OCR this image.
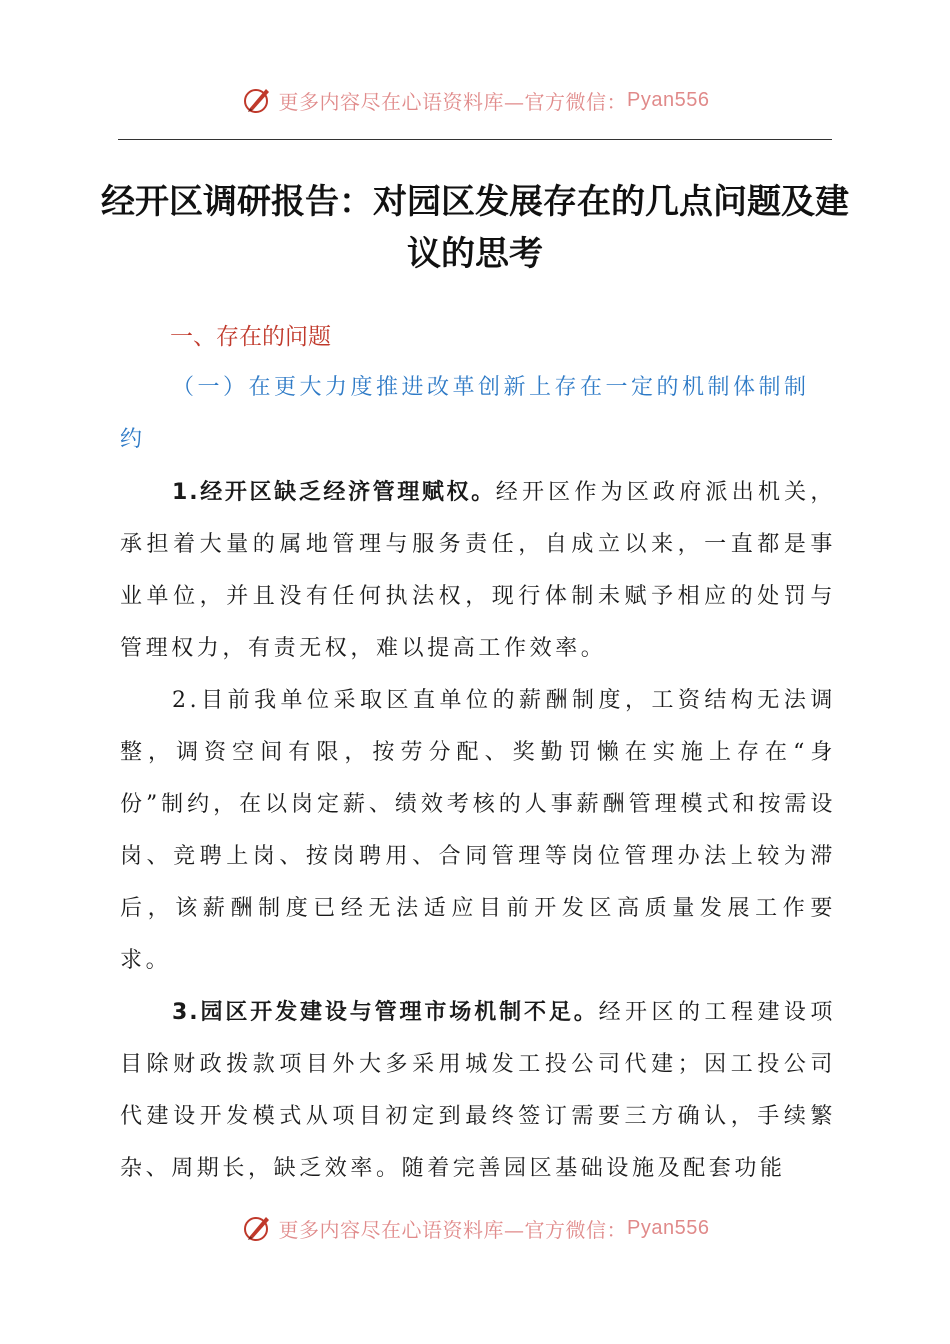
更多内容尽在心语资料库—官方微信： Pyan556
经开区调研报告：对园区发展存在的几点问题及建议的思考
一、存在的问题
（一）在更大力度推进改革创新上存在一定的机制体制制约

1.经开区缺乏经济管理赋权。经开区作为区政府派出机关，承担着大量的属地管理与服务责任，自成立以来，一直都是事业单位，并且没有任何执法权，现行体制未赋予相应的处罚与管理权力，有责无权，难以提高工作效率。

2.目前我单位采取区直单位的薪酬制度，工资结构无法调整，调资空间有限，按劳分配、奖勤罚懒在实施上存在“身份”制约，在以岗定薪、绩效考核的人事薪酬管理模式和按需设岗、竞聘上岗、按岗聘用、合同管理等岗位管理办法上较为滞后，该薪酬制度已经无法适应目前开发区高质量发展工作要求。

3.园区开发建设与管理市场机制不足。经开区的工程建设项目除财政拨款项目外大多采用城发工投公司代建；因工投公司代建设开发模式从项目初定到最终签订需要三方确认，手续繁杂、周期长，缺乏效率。随着完善园区基础设施及配套功能

更多内容尽在心语资料库—官方微信： Pyan556
